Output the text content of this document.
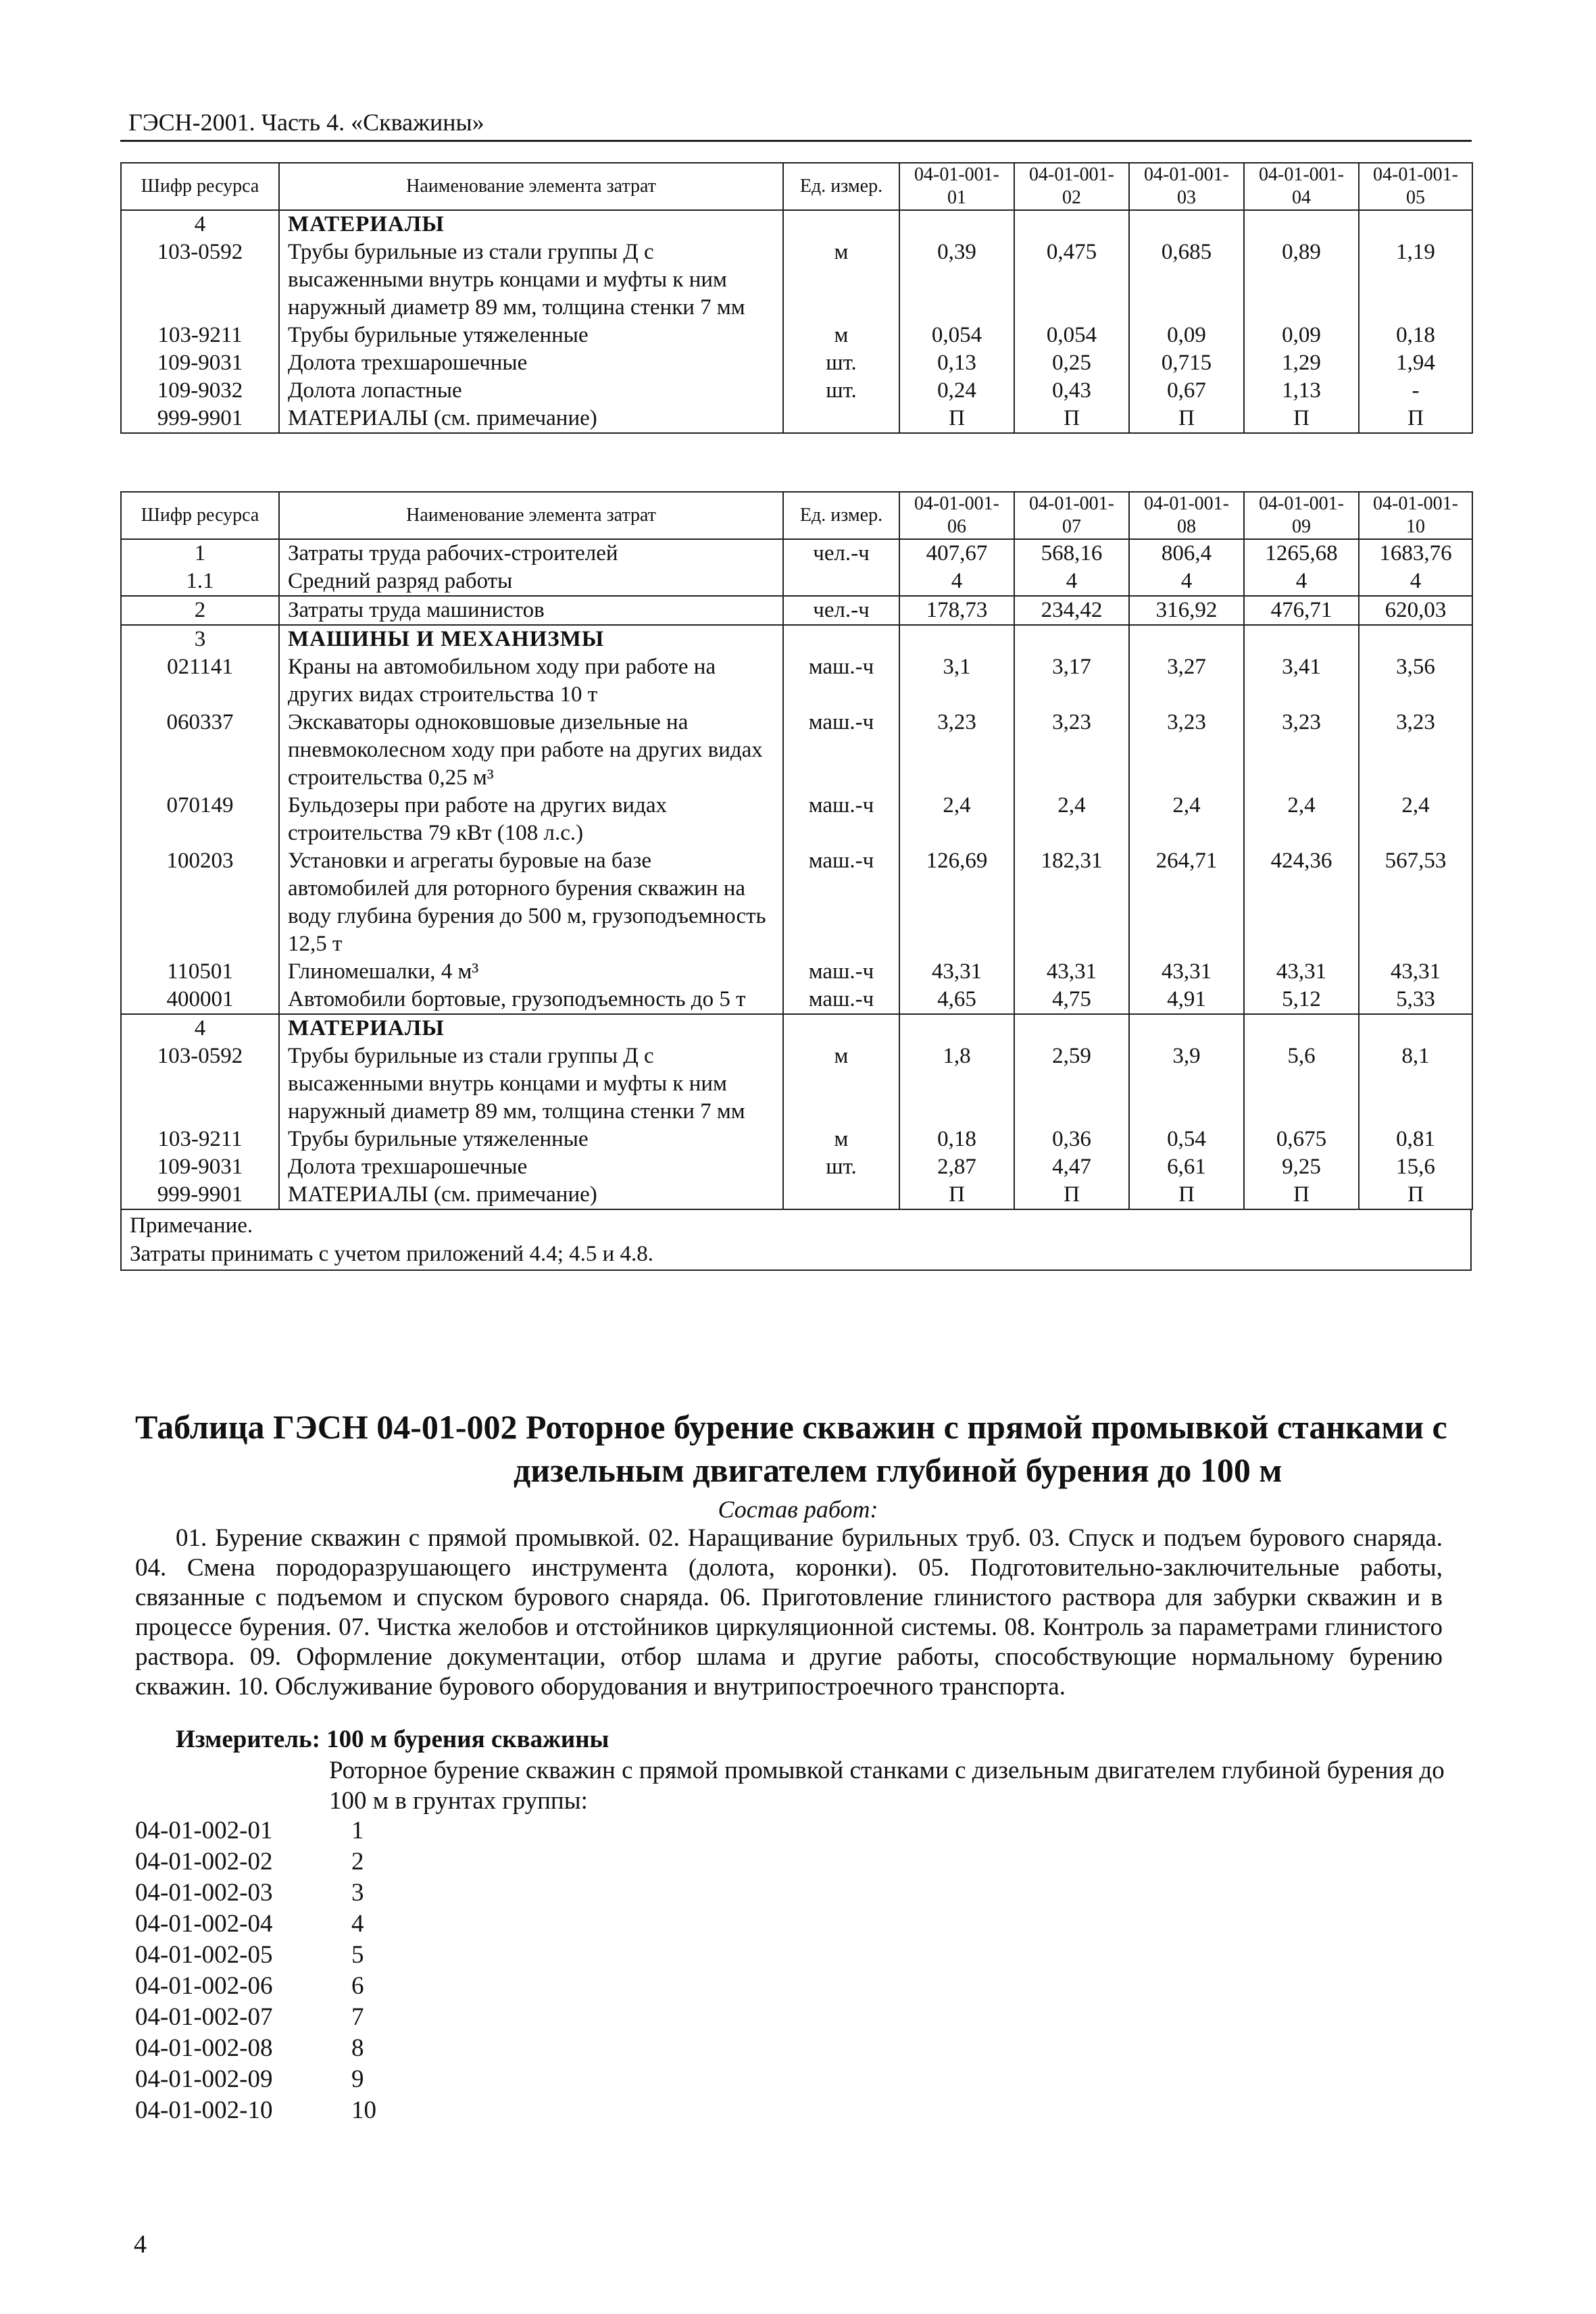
ГЭСН-2001. Часть 4. «Скважины»
Шифр ресурса	Наименование элемента затрат	Ед. измер.	04-01-001-01	04-01-001-02	04-01-001-03	04-01-001-04	04-01-001-05
4	МАТЕРИАЛЫ						
103-0592	Трубы бурильные из стали группы Д с высаженными внутрь концами и муфты к ним наружный диаметр 89 мм, толщина стенки 7 мм	м	0,39	0,475	0,685	0,89	1,19
103-9211	Трубы бурильные утяжеленные	м	0,054	0,054	0,09	0,09	0,18
109-9031	Долота трехшарошечные	шт.	0,13	0,25	0,715	1,29	1,94
109-9032	Долота лопастные	шт.	0,24	0,43	0,67	1,13	-
999-9901	МАТЕРИАЛЫ (см. примечание)		П	П	П	П	П
Шифр ресурса	Наименование элемента затрат	Ед. измер.	04-01-001-06	04-01-001-07	04-01-001-08	04-01-001-09	04-01-001-10
1	Затраты труда рабочих-строителей	чел.-ч	407,67	568,16	806,4	1265,68	1683,76
1.1	Средний разряд работы		4	4	4	4	4
2	Затраты труда машинистов	чел.-ч	178,73	234,42	316,92	476,71	620,03
3	МАШИНЫ И МЕХАНИЗМЫ						
021141	Краны на автомобильном ходу при работе на других видах строительства 10 т	маш.-ч	3,1	3,17	3,27	3,41	3,56
060337	Экскаваторы одноковшовые дизельные на пневмоколесном ходу при работе на других видах строительства 0,25 м³	маш.-ч	3,23	3,23	3,23	3,23	3,23
070149	Бульдозеры при работе на других видах строительства 79 кВт (108 л.с.)	маш.-ч	2,4	2,4	2,4	2,4	2,4
100203	Установки и агрегаты буровые на базе автомобилей для роторного бурения скважин на воду глубина бурения до 500 м, грузоподъемность 12,5 т	маш.-ч	126,69	182,31	264,71	424,36	567,53
110501	Глиномешалки, 4 м³	маш.-ч	43,31	43,31	43,31	43,31	43,31
400001	Автомобили бортовые, грузоподъемность до 5 т	маш.-ч	4,65	4,75	4,91	5,12	5,33
4	МАТЕРИАЛЫ						
103-0592	Трубы бурильные из стали группы Д с высаженными внутрь концами и муфты к ним наружный диаметр 89 мм, толщина стенки 7 мм	м	1,8	2,59	3,9	5,6	8,1
103-9211	Трубы бурильные утяжеленные	м	0,18	0,36	0,54	0,675	0,81
109-9031	Долота трехшарошечные	шт.	2,87	4,47	6,61	9,25	15,6
999-9901	МАТЕРИАЛЫ (см. примечание)		П	П	П	П	П
Примечание.
Затраты принимать с учетом приложений 4.4; 4.5 и 4.8.
Таблица ГЭСН 04-01-002 Роторное бурение скважин с прямой промывкой станками с
дизельным двигателем глубиной бурения до 100 м
Состав работ:
01. Бурение скважин с прямой промывкой. 02. Наращивание бурильных труб. 03. Спуск и подъем бурового снаряда. 04. Смена породоразрушающего инструмента (долота, коронки). 05. Подготовительно-заключительные работы, связанные с подъемом и спуском бурового снаряда. 06. Приготовление глинистого раствора для забурки скважин и в процессе бурения. 07. Чистка желобов и отстойников циркуляционной системы. 08. Контроль за параметрами глинистого раствора. 09. Оформление документации, отбор шлама и другие работы, способствующие нормальному бурению скважин. 10. Обслуживание бурового оборудования и внутрипостроечного транспорта.
Измеритель: 100 м бурения скважины
Роторное бурение скважин с прямой промывкой станками с дизельным двигателем глубиной бурения до 100 м в грунтах группы:
04-01-002-01	1
04-01-002-02	2
04-01-002-03	3
04-01-002-04	4
04-01-002-05	5
04-01-002-06	6
04-01-002-07	7
04-01-002-08	8
04-01-002-09	9
04-01-002-10	10
4
